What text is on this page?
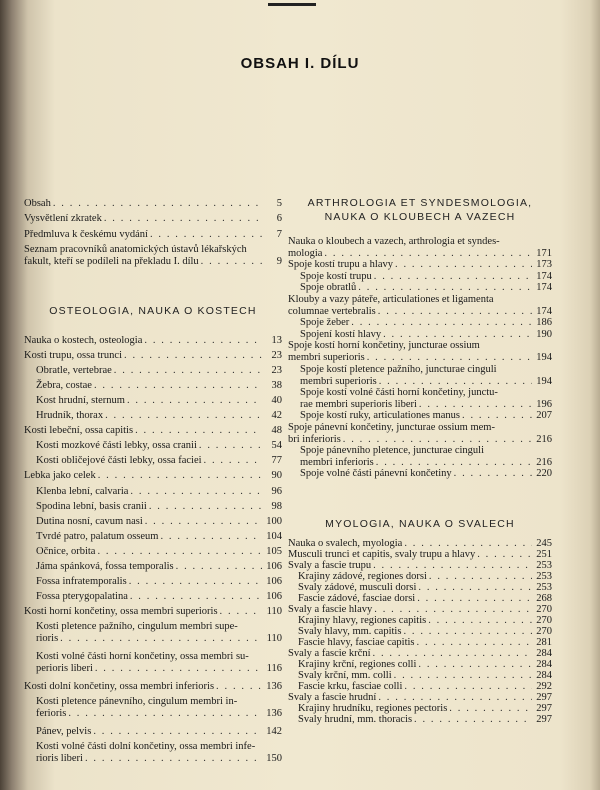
OBSAH I. DÍLU
Obsah . . .	5
Vysvětlení zkratek . . .	6
Předmluva k českému vydání . . .	7
Seznam pracovníků anatomických ústavů lékařských
fakult, kteří se podíleli na překladu I. dílu . . .	9
OSTEOLOGIA, NAUKA O KOSTECH
Nauka o kostech, osteologia . . .	13
Kosti trupu, ossa trunci . . .	23
Obratle, vertebrae . . .	23
Žebra, costae . . .	38
Kost hrudní, sternum . . .	40
Hrudník, thorax . . .	42
Kosti lebeční, ossa capitis . . .	48
Kosti mozkové části lebky, ossa cranii . . .	54
Kosti obličejové části lebky, ossa faciei . . .	77
Lebka jako celek . . .	90
Klenba lební, calvaria . . .	96
Spodina lební, basis cranii . . .	98
Dutina nosní, cavum nasi . . .	100
Tvrdé patro, palatum osseum . . .	104
Očnice, orbita . . .	105
Jáma spánková, fossa temporalis . . .	106
Fossa infratemporalis . . .	106
Fossa pterygopalatina . . .	106
Kosti horní končetiny, ossa membri superioris . . .	110
Kosti pletence pažního, cingulum membri supe-
rioris . . .	110
Kosti volné části horní končetiny, ossa membri su-
perioris liberi . . .	116
Kosti dolní končetiny, ossa membri inferioris . . .	136
Kosti pletence pánevního, cingulum membri in-
ferioris . . .	136
Pánev, pelvis . . .	142
Kosti volné části dolní končetiny, ossa membri infe-
rioris liberi . . .	150
ARTHROLOGIA ET SYNDESMOLOGIA,
NAUKA O KLOUBECH A VAZECH
Nauka o kloubech a vazech, arthrologia et syndes-
mologia . . .	171
Spoje kostí trupu a hlavy . . .	173
Spoje kostí trupu . . .	174
Spoje obratlů . . .	174
Klouby a vazy páteře, articulationes et ligamenta
columnae vertebralis . . .	174
Spoje žeber . . .	186
Spojení kostí hlavy . . .	190
Spoje kostí horní končetiny, juncturae ossium
membri superioris . . .	194
Spoje kostí pletence pažního, juncturae cinguli
membri superioris . . .	194
Spoje kostí volné části horní končetiny, junctu-
rae membri superioris liberi . . .	196
Spoje kostí ruky, articulationes manus . . .	207
Spoje pánevní končetiny, juncturae ossium mem-
bri inferioris . . .	216
Spoje pánevního pletence, juncturae cinguli
membri inferioris . . .	216
Spoje volné části pánevní končetiny . . .	220
MYOLOGIA, NAUKA O SVALECH
Nauka o svalech, myologia . . .	245
Musculi trunci et capitis, svaly trupu a hlavy . . .	251
Svaly a fascie trupu . . .	253
Krajiny zádové, regiones dorsi . . .	253
Svaly zádové, musculi dorsi . . .	253
Fascie zádové, fasciae dorsi . . .	268
Svaly a fascie hlavy . . .	270
Krajiny hlavy, regiones capitis . . .	270
Svaly hlavy, mm. capitis . . .	270
Fascie hlavy, fasciae capitis . . .	281
Svaly a fascie krční . . .	284
Krajiny krční, regiones colli . . .	284
Svaly krční, mm. colli . . .	284
Fascie krku, fasciae colli . . .	292
Svaly a fascie hrudní . . .	297
Krajiny hrudníku, regiones pectoris . . .	297
Svaly hrudní, mm. thoracis . . .	297
